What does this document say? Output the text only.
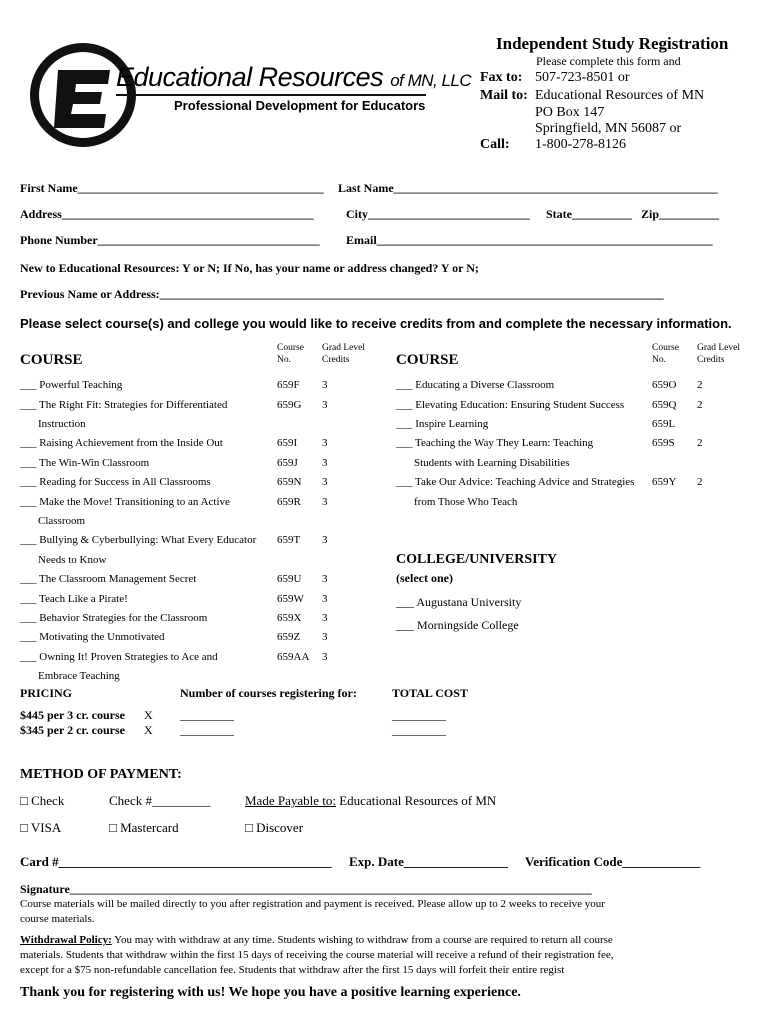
Educational Resources of MN, LLC
Professional Development for Educators
Independent Study Registration
Please complete this form and
Fax to: 507-723-8501 or
Mail to: Educational Resources of MN
PO Box 147
Springfield, MN 56087 or
Call: 1-800-278-8126
First Name_________________________________________ Last Name______________________________________________________
Address__________________________________________	City___________________________ State__________ Zip__________
Phone Number_____________________________________ Email________________________________________________________
New to Educational Resources: Y or N; If No, has your name or address changed? Y or N;
Previous Name or Address:____________________________________________________________________________________
Please select course(s) and college you would like to receive credits from and complete the necessary information.
COURSE
Course
No.
Grad Level
Credits	COURSE
Course
No.
Grad Level
Credits
___ Powerful Teaching	659F 3
___ The Right Fit: Strategies for Differentiated
Instruction
659G 3
___ Raising Achievement from the Inside Out	659I 3
___ The Win-Win Classroom	659J 3
___ Reading for Success in All Classrooms	659N 3
___ Make the Move! Transitioning to an Active
Classroom
659R 3
___ Bullying & Cyberbullying: What Every Educator
Needs to Know
659T 3
___ The Classroom Management Secret	659U 3
___ Teach Like a Pirate!	659W 3
___ Behavior Strategies for the Classroom	659X 3
___ Motivating the Unmotivated	659Z 3
___ Owning It! Proven Strategies to Ace and
Embrace Teaching
659AA 3
___ Educating a Diverse Classroom	659O 2
___ Elevating Education: Ensuring Student Success	659Q 2
___ Inspire Learning	659L
___ Teaching the Way They Learn: Teaching
Students with Learning Disabilities
659S 2
___ Take Our Advice: Teaching Advice and Strategies
from Those Who Teach
659Y 2
COLLEGE/UNIVERSITY
(select one)
___ Augustana University
___ Morningside College
PRICING	Number of courses registering for:	TOTAL COST
$445 per 3 cr. course X _________	_________
$345 per 2 cr. course X _________	_________
METHOD OF PAYMENT:
□ Check	Check #_________	Made Payable to: Educational Resources of MN
□ VISA	□ Mastercard	□ Discover
Card #__________________________________________ Exp. Date________________ Verification Code____________
Signature_______________________________________________________________________________________
Course materials will be mailed directly to you after registration and payment is received. Please allow up to 2 weeks to receive your
course materials.
Withdrawal Policy: You may with withdraw at any time. Students wishing to withdraw from a course are required to return all course
materials. Students that withdraw within the first 15 days of receiving the course material will receive a refund of their registration fee,
except for a $75 non-refundable cancellation fee. Students that withdraw after the first 15 days will forfeit their entire regist
Thank you for registering with us! We hope you have a positive learning experience.
